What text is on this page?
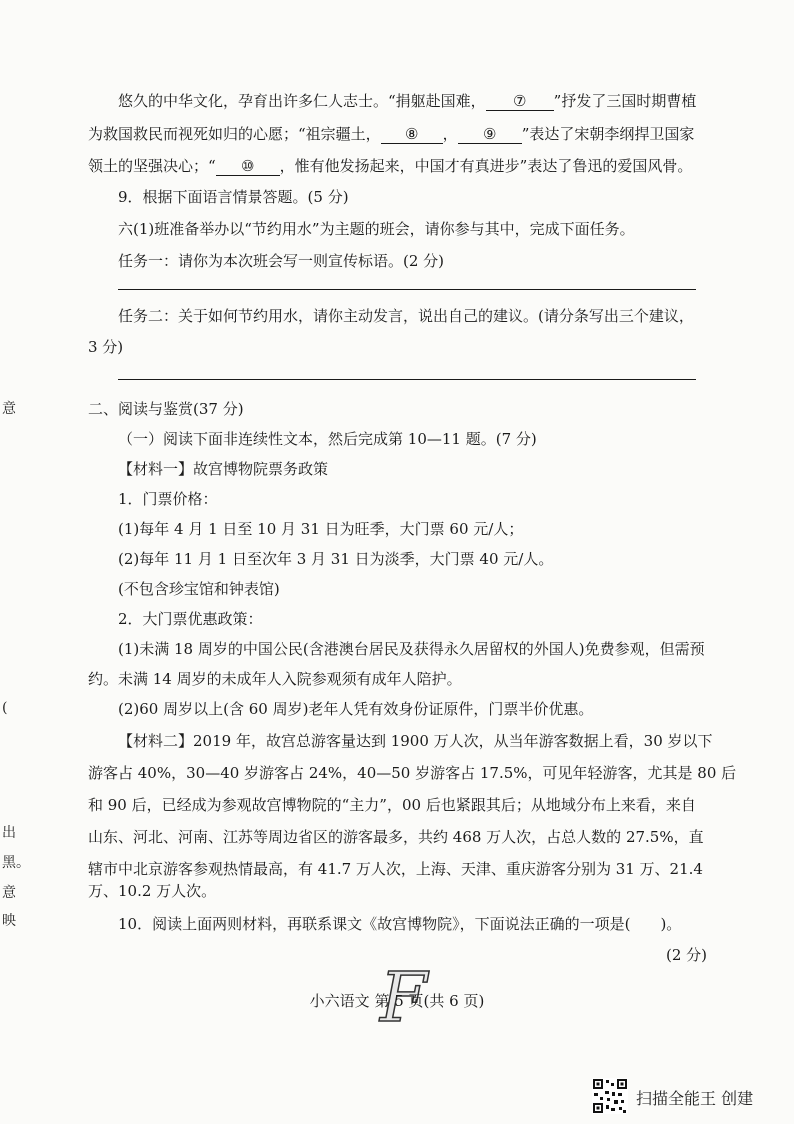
悠久的中华文化，孕育出许多仁人志士。“捐躯赴国难， ⑦ ”抒发了三国时期曹植
为救国救民而视死如归的心愿；“祖宗疆土， ⑧ ， ⑨ ”表达了宋朝李纲捍卫国家
领土的坚强决心；“ ⑩ ，惟有他发扬起来，中国才有真进步”表达了鲁迅的爱国风骨。
9．根据下面语言情景答题。(5 分)
六(1)班准备举办以“节约用水”为主题的班会，请你参与其中，完成下面任务。
任务一：请你为本次班会写一则宣传标语。(2 分)
任务二：关于如何节约用水，请你主动发言，说出自己的建议。(请分条写出三个建议，
3 分)
二、阅读与鉴赏(37 分)
（一）阅读下面非连续性文本，然后完成第 10—11 题。(7 分)
【材料一】故宫博物院票务政策
1．门票价格：
(1)每年 4 月 1 日至 10 月 31 日为旺季，大门票 60 元/人；
(2)每年 11 月 1 日至次年 3 月 31 日为淡季，大门票 40 元/人。
(不包含珍宝馆和钟表馆)
2．大门票优惠政策：
(1)未满 18 周岁的中国公民(含港澳台居民及获得永久居留权的外国人)免费参观，但需预
约。未满 14 周岁的未成年人入院参观须有成年人陪护。
(2)60 周岁以上(含 60 周岁)老年人凭有效身份证原件，门票半价优惠。
【材料二】2019 年，故宫总游客量达到 1900 万人次，从当年游客数据上看，30 岁以下
游客占 40%，30—40 岁游客占 24%，40—50 岁游客占 17.5%，可见年轻游客，尤其是 80 后
和 90 后，已经成为参观故宫博物院的“主力”，00 后也紧跟其后；从地域分布上来看，来自
山东、河北、河南、江苏等周边省区的游客最多，共约 468 万人次，占总人数的 27.5%，直
辖市中北京游客参观热情最高，有 41.7 万人次，上海、天津、重庆游客分别为 31 万、21.4
万、10.2 万人次。
10．阅读上面两则材料，再联系课文《故宫博物院》，下面说法正确的一项是(　　)。
(2 分)
意
(
出
黑。
意
映
F
小六语文 第 5 页(共 6 页)
扫描全能王 创建
